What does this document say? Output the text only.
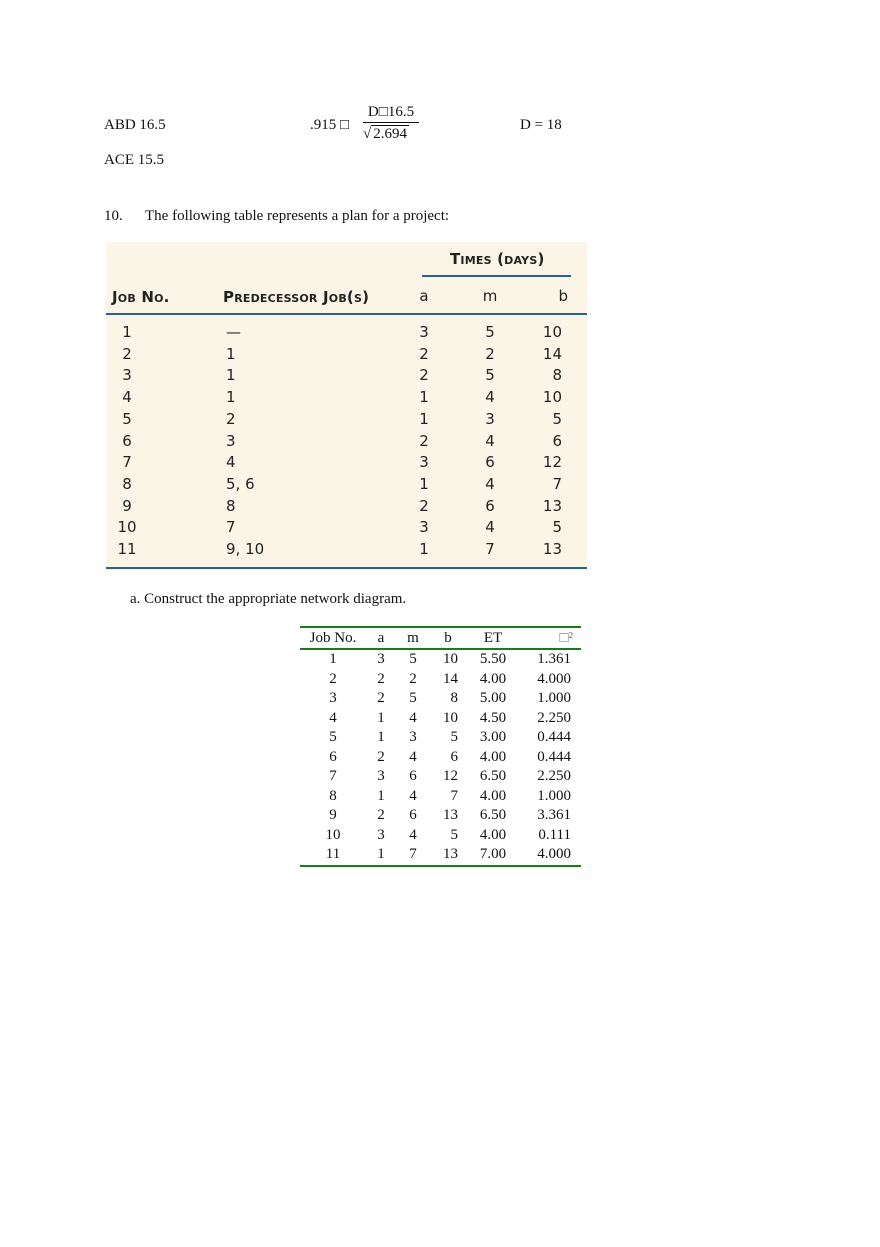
ABD 16.5	.915 □ $\frac{D□16.5}{√ 2.694}$	D = 18
ACE 15.5
10. The following table represents a plan for a project:
Times (days)
Job No.	Predecessor Job(s)	a	m	b
1	—	3	5	10
2	1	2	2	14
3	1	2	5	8
4	1	1	4	10
5	2	1	3	5
6	3	2	4	6
7	4	3	6	12
8	5, 6	1	4	7
9	8	2	6	13
10	7	3	4	5
11	9, 10	1	7	13
a. Construct the appropriate network diagram.
Job No.	a	m	b	ET	□²
1	3	5	10	5.50	1.361
2	2	2	14	4.00	4.000
3	2	5	8	5.00	1.000
4	1	4	10	4.50	2.250
5	1	3	5	3.00	0.444
6	2	4	6	4.00	0.444
7	3	6	12	6.50	2.250
8	1	4	7	4.00	1.000
9	2	6	13	6.50	3.361
10	3	4	5	4.00	0.111
11	1	7	13	7.00	4.000
